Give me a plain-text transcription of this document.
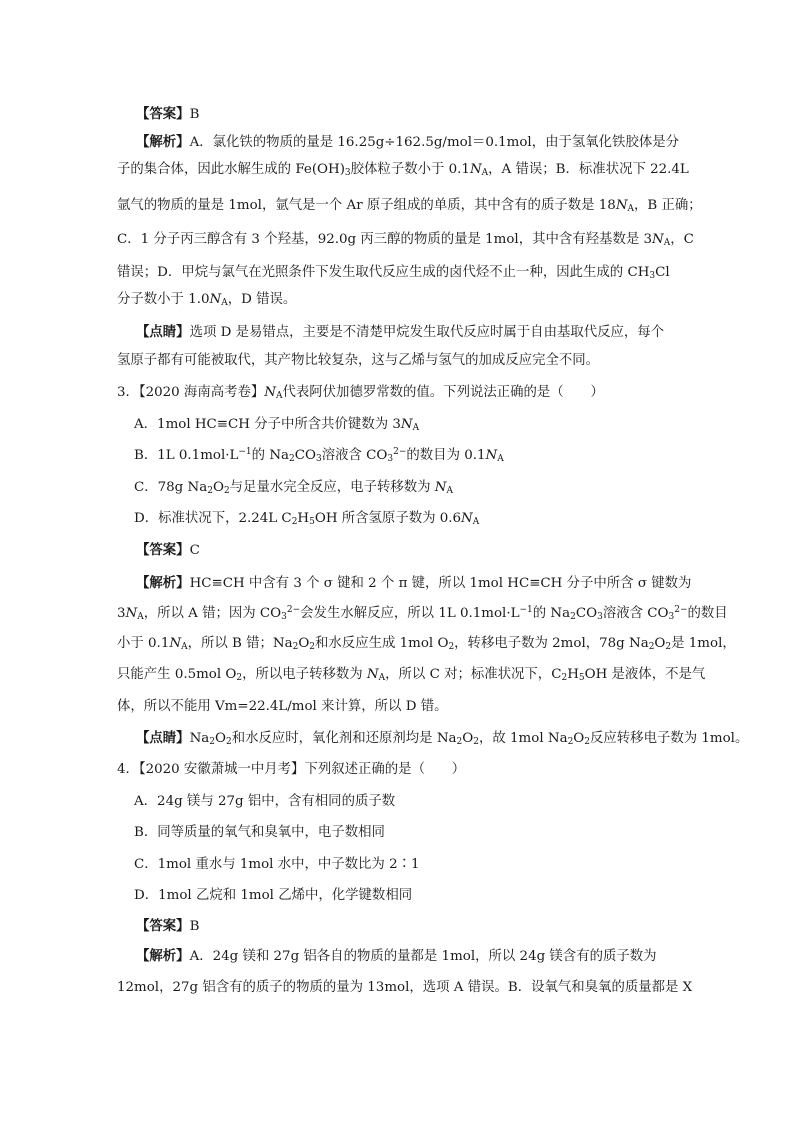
【答案】B
【解析】A．氯化铁的物质的量是 16.25g÷162.5g/mol＝0.1mol，由于氢氧化铁胶体是分
子的集合体，因此水解生成的 $Fe(OH)_3$胶体粒子数小于 $0.1N_A$，A 错误；B．标准状况下 22.4L
氩气的物质的量是 1mol，氩气是一个 Ar 原子组成的单质，其中含有的质子数是 $18N_A$，B 正确；
C．1 分子丙三醇含有 3 个羟基，92.0g 丙三醇的物质的量是 1mol，其中含有羟基数是 $3N_A$，C
错误；D．甲烷与氯气在光照条件下发生取代反应生成的卤代烃不止一种，因此生成的 $CH_3Cl$
分子数小于 $1.0N_A$，D 错误。
【点睛】选项 D 是易错点，主要是不清楚甲烷发生取代反应时属于自由基取代反应，每个
氢原子都有可能被取代，其产物比较复杂，这与乙烯与氢气的加成反应完全不同。
3．【2020 海南高考卷】$N_A$代表阿伏加德罗常数的值。下列说法正确的是（　　）
A．1mol HC≡CH 分子中所含共价键数为 $3N_A$
B．1L $0.1mol\cdot L^{-1}$的 $Na_2CO_3$溶液含 $CO_3^{2-}$的数目为 $0.1N_A$
C．78g $Na_2O_2$与足量水完全反应，电子转移数为 $N_A$
D．标准状况下，2.24L $C_2H_5OH$ 所含氢原子数为 $0.6N_A$
【答案】C
【解析】HC≡CH 中含有 3 个 σ 键和 2 个 π 键，所以 1mol HC≡CH 分子中所含 σ 键数为
$3N_A$，所以 A 错；因为 $CO_3^{2-}$会发生水解反应，所以 1L $0.1mol\cdot L^{-1}$的 $Na_2CO_3$溶液含 $CO_3^{2-}$的数目
小于 $0.1N_A$，所以 B 错；$Na_2O_2$和水反应生成 1mol $O_2$，转移电子数为 2mol，78g $Na_2O_2$是 1mol，
只能产生 0.5mol $O_2$，所以电子转移数为 $N_A$，所以 C 对；标准状况下，$C_2H_5OH$ 是液体，不是气
体，所以不能用 Vm=22.4L/mol 来计算，所以 D 错。
【点睛】$Na_2O_2$和水反应时，氧化剂和还原剂均是 $Na_2O_2$，故 1mol $Na_2O_2$反应转移电子数为 1mol。
4．【2020 安徽萧城一中月考】下列叙述正确的是（　　）
A．24g 镁与 27g 铝中，含有相同的质子数
B．同等质量的氧气和臭氧中，电子数相同
C．1mol 重水与 1mol 水中，中子数比为 2∶1
D．1mol 乙烷和 1mol 乙烯中，化学键数相同
【答案】B
【解析】A．24g 镁和 27g 铝各自的物质的量都是 1mol，所以 24g 镁含有的质子数为
12mol，27g 铝含有的质子的物质的量为 13mol，选项 A 错误。B．设氧气和臭氧的质量都是 X
